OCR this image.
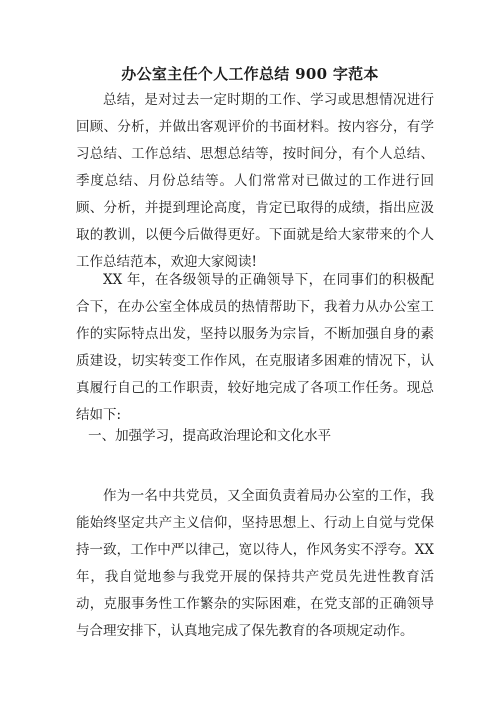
办公室主任个人工作总结 900 字范本

总结，是对过去一定时期的工作、学习或思想情况进行回顾、分析，并做出客观评价的书面材料。按内容分，有学习总结、工作总结、思想总结等，按时间分，有个人总结、季度总结、月份总结等。人们常常对已做过的工作进行回顾、分析，并提到理论高度，肯定已取得的成绩，指出应汲取的教训，以便今后做得更好。下面就是给大家带来的个人工作总结范本，欢迎大家阅读!

XX 年，在各级领导的正确领导下，在同事们的积极配合下，在办公室全体成员的热情帮助下，我着力从办公室工作的实际特点出发，坚持以服务为宗旨，不断加强自身的素质建设，切实转变工作作风，在克服诸多困难的情况下，认真履行自己的工作职责，较好地完成了各项工作任务。现总结如下:

一、加强学习，提高政治理论和文化水平

作为一名中共党员，又全面负责着局办公室的工作，我能始终坚定共产主义信仰，坚持思想上、行动上自觉与党保持一致，工作中严以律己，宽以待人，作风务实不浮夸。XX 年，我自觉地参与我党开展的保持共产党员先进性教育活动，克服事务性工作繁杂的实际困难，在党支部的正确领导与合理安排下，认真地完成了保先教育的各项规定动作。
